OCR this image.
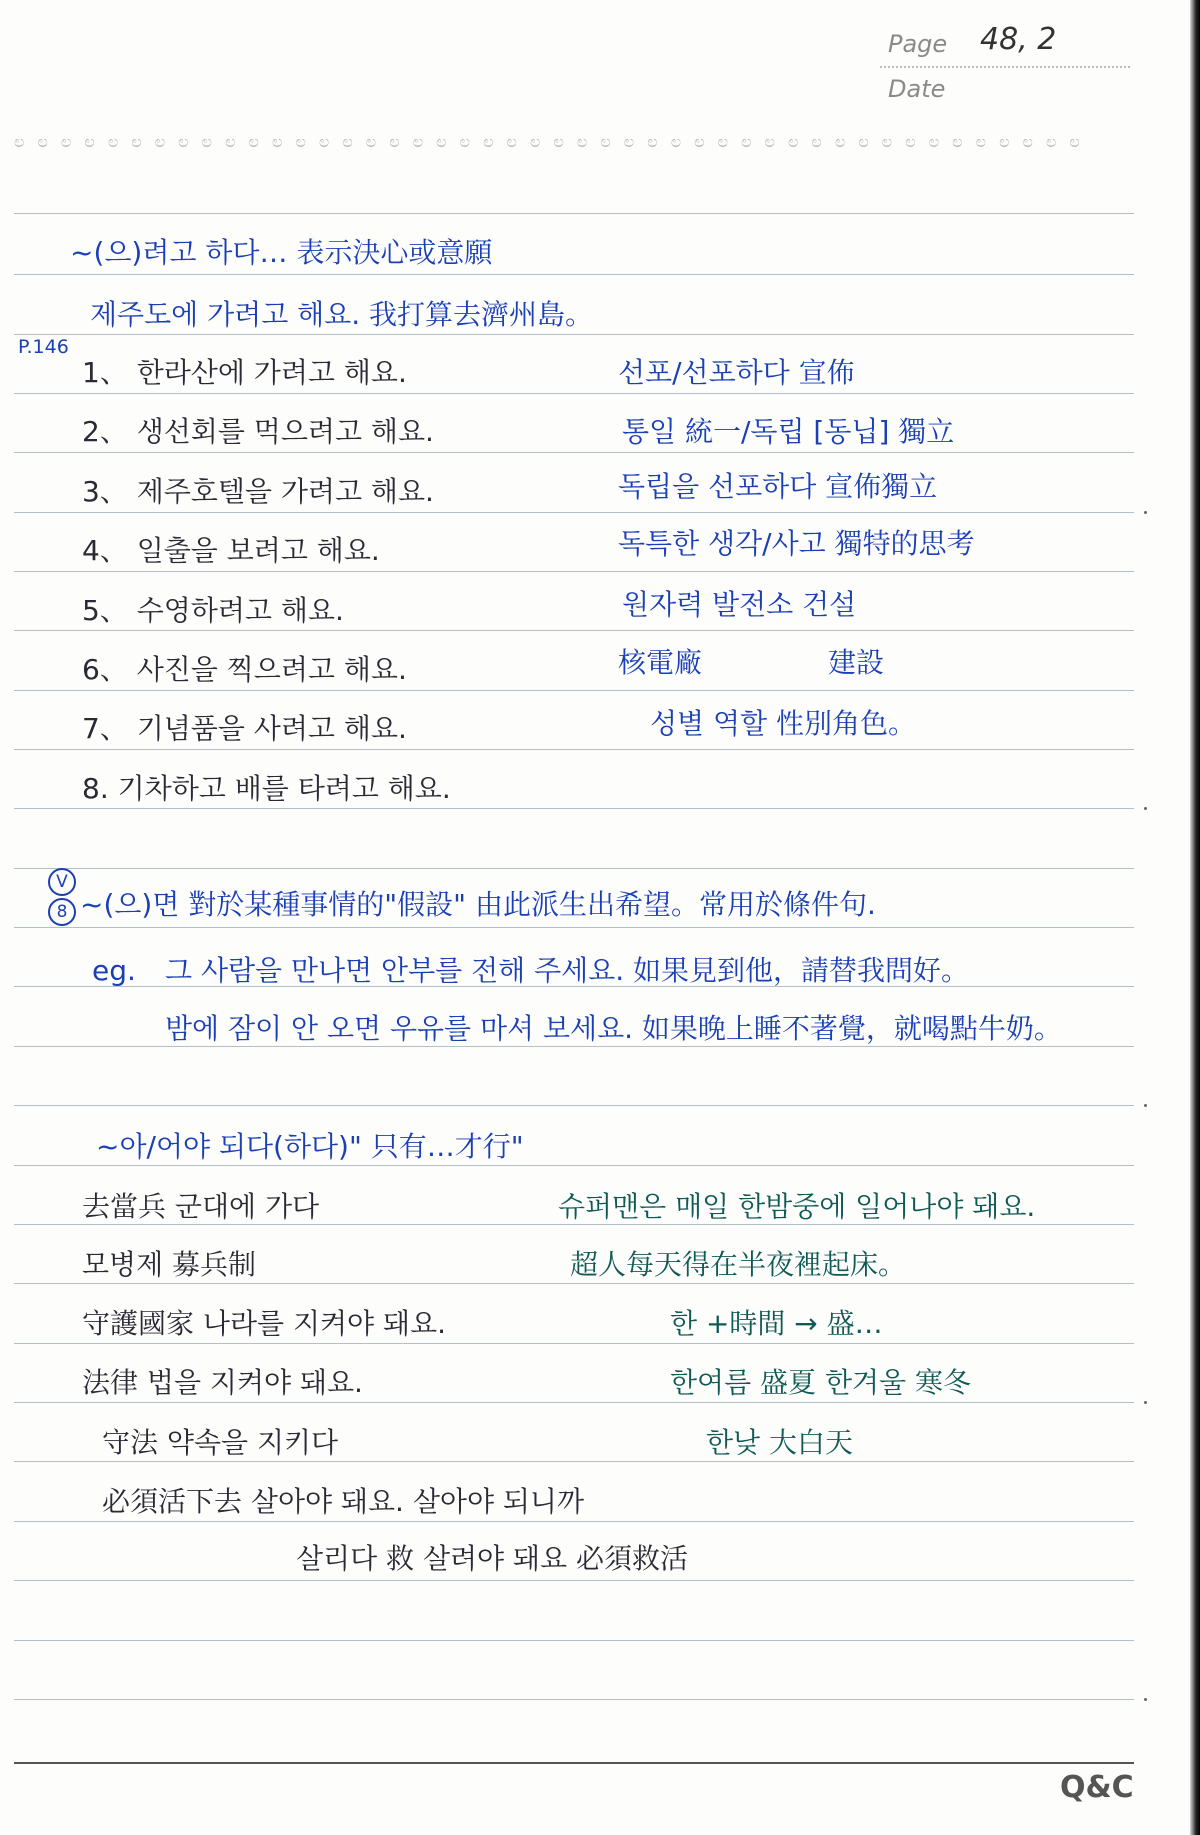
Page 48, 2
Date
ಲ ಲ ಲ ಲ ಲ ಲ ಲ ಲ ಲ ಲ ಲ ಲ ಲ ಲ ಲ ಲ ಲ ಲ ಲ ಲ ಲ ಲ ಲ ಲ ಲ ಲ ಲ ಲ ಲ ಲ ಲ ಲ ಲ ಲ ಲ ಲ ಲ ಲ ಲ ಲ ಲ ಲ ಲ ಲ ಲ ಲ
~(으)려고 하다… 表示決心或意願
P.146
제주도에 가려고 해요. 我打算去濟州島。
1、 한라산에 가려고 해요.
2、 생선회를 먹으려고 해요.
3、 제주호텔을 가려고 해요.
4、 일출을 보려고 해요.
5、 수영하려고 해요.
6、 사진을 찍으려고 해요.
7、 기념품을 사려고 해요.
8. 기차하고 배를 타려고 해요.
선포/선포하다 宣佈
통일 統一/독립 [동닙] 獨立
독립을 선포하다 宣佈獨立
독특한 생각/사고 獨特的思考
원자력 발전소 건설
核電廠	建設
성별 역할 性別角色。
V
8 ~(으)면 對於某種事情的"假設" 由此派生出希望。常用於條件句.
eg. 그 사람을 만나면 안부를 전해 주세요. 如果見到他，請替我問好。
밤에 잠이 안 오면 우유를 마셔 보세요. 如果晚上睡不著覺，就喝點牛奶。
~아/어야 되다(하다)" 只有…才行"
去當兵 군대에 가다
모병제 募兵制
守護國家 나라를 지켜야 돼요.
法律 법을 지켜야 돼요.
守法 약속을 지키다
必須活下去 살아야 돼요. 살아야 되니까
살리다 救 살려야 돼요 必須救活
슈퍼맨은 매일 한밤중에 일어나야 돼요.
超人每天得在半夜裡起床。
한 +時間 → 盛…
한여름 盛夏 한겨울 寒冬
한낮 大白天
Q&C
